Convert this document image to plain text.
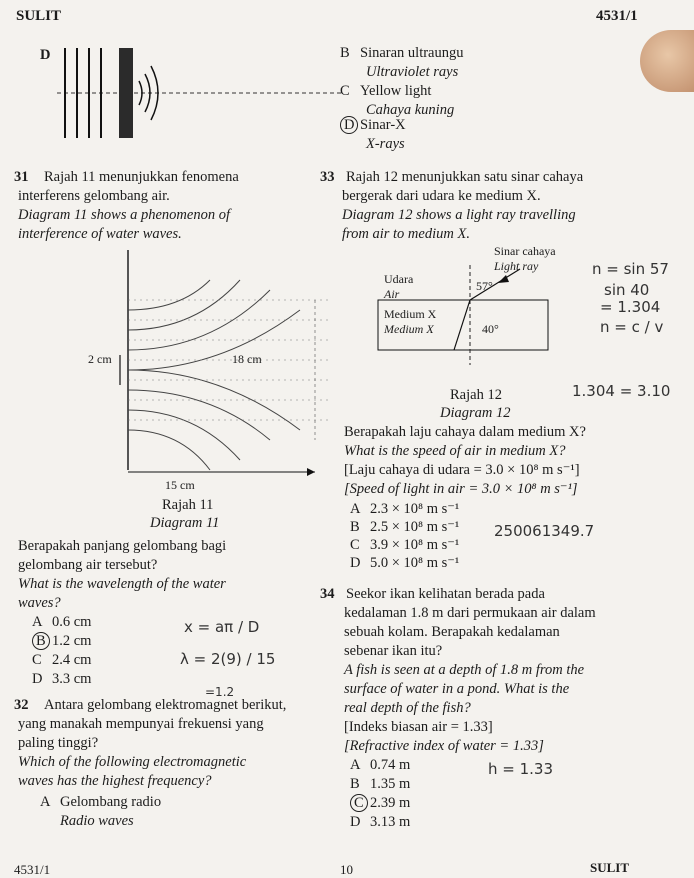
SULIT	4531/1
D	B Sinaran ultraungu
Ultraviolet rays
C Yellow light
Cahaya kuning
D Sinar-X
X-rays
31 Rajah 11 menunjukkan fenomena
interferens gelombang air.
Diagram 11 shows a phenomenon of
interference of water waves.
2 cm	18 cm
15 cm
Rajah 11
Diagram 11
Berapakah panjang gelombang bagi
gelombang air tersebut?
What is the wavelength of the water
waves?
A 0.6 cm
B 1.2 cm
C 2.4 cm
D 3.3 cm
x = aπ / D
λ = 2(9) / 15
=1.2
32 Antara gelombang elektromagnet berikut,
yang manakah mempunyai frekuensi yang
paling tinggi?
Which of the following electromagnetic
waves has the highest frequency?
A Gelombang radio
Radio waves
33 Rajah 12 menunjukkan satu sinar cahaya
bergerak dari udara ke medium X.
Diagram 12 shows a light ray travelling
from air to medium X.
Sinar cahaya
Light ray
Udara
Air
57°
Medium X
Medium X	40°
Rajah 12
Diagram 12
Berapakah laju cahaya dalam medium X?
What is the speed of air in medium X?
[Laju cahaya di udara = 3.0 × 10⁸ m s⁻¹]
[Speed of light in air = 3.0 × 10⁸ m s⁻¹]
A 2.3 × 10⁸ m s⁻¹
B 2.5 × 10⁸ m s⁻¹
C 3.9 × 10⁸ m s⁻¹
D 5.0 × 10⁸ m s⁻¹
n = sin 57
sin 40
= 1.304
n = c / v
1.304 = 3.10
250061349.7
34 Seekor ikan kelihatan berada pada
kedalaman 1.8 m dari permukaan air dalam
sebuah kolam. Berapakah kedalaman
sebenar ikan itu?
A fish is seen at a depth of 1.8 m from the
surface of water in a pond. What is the
real depth of the fish?
[Indeks biasan air = 1.33]
[Refractive index of water = 1.33]
A 0.74 m
B 1.35 m
C 2.39 m
D 3.13 m
h = 1.33
4531/1	10	SULIT
